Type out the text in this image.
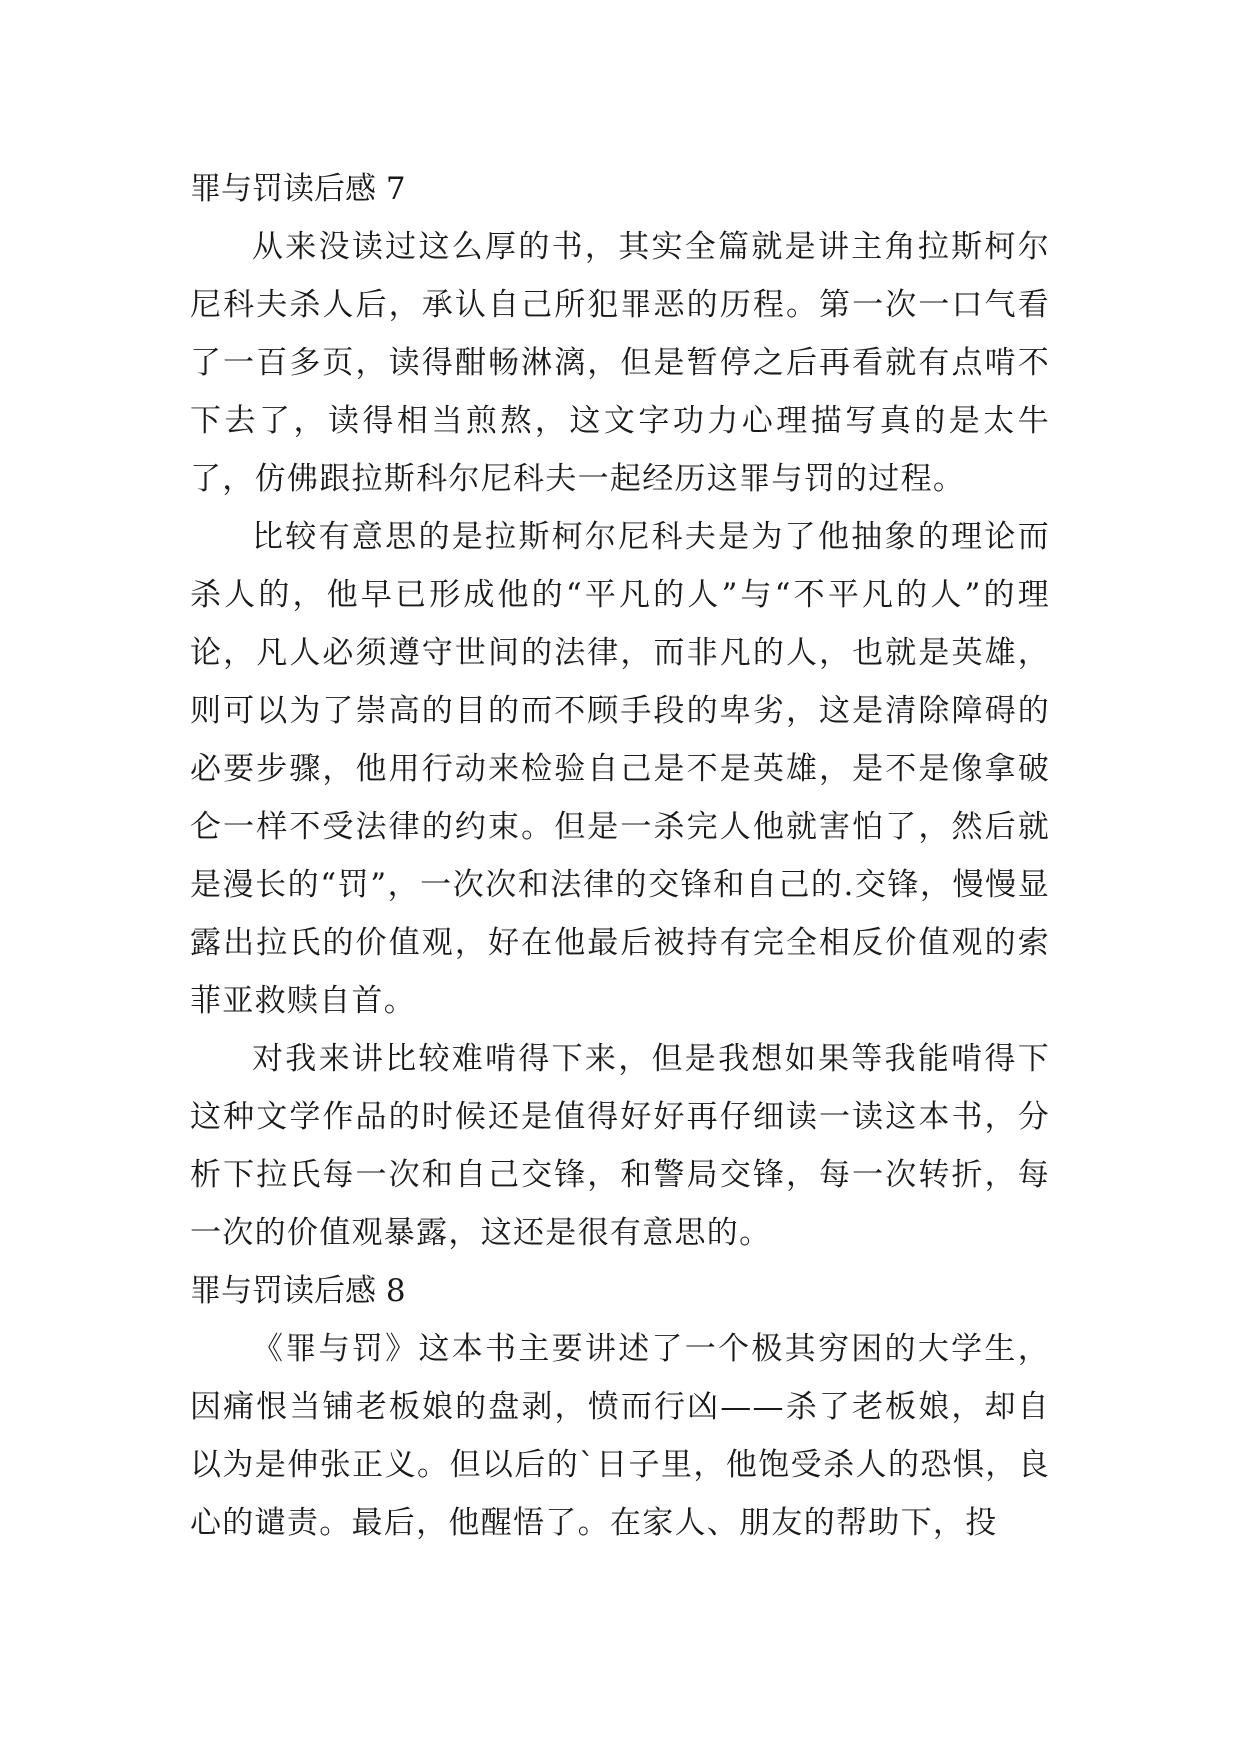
罪与罚读后感 7

从来没读过这么厚的书，其实全篇就是讲主角拉斯柯尔尼科夫杀人后，承认自己所犯罪恶的历程。第一次一口气看了一百多页，读得酣畅淋漓，但是暂停之后再看就有点啃不下去了，读得相当煎熬，这文字功力心理描写真的是太牛了，仿佛跟拉斯科尔尼科夫一起经历这罪与罚的过程。

比较有意思的是拉斯柯尔尼科夫是为了他抽象的理论而杀人的，他早已形成他的“平凡的人”与“不平凡的人”的理论，凡人必须遵守世间的法律，而非凡的人，也就是英雄，则可以为了崇高的目的而不顾手段的卑劣，这是清除障碍的必要步骤，他用行动来检验自己是不是英雄，是不是像拿破仑一样不受法律的约束。但是一杀完人他就害怕了，然后就是漫长的“罚”，一次次和法律的交锋和自己的.交锋，慢慢显露出拉氏的价值观，好在他最后被持有完全相反价值观的索菲亚救赎自首。

对我来讲比较难啃得下来，但是我想如果等我能啃得下这种文学作品的时候还是值得好好再仔细读一读这本书，分析下拉氏每一次和自己交锋，和警局交锋，每一次转折，每一次的价值观暴露，这还是很有意思的。

罪与罚读后感 8

《罪与罚》这本书主要讲述了一个极其穷困的大学生，因痛恨当铺老板娘的盘剥，愤而行凶——杀了老板娘，却自以为是伸张正义。但以后的`日子里，他饱受杀人的恐惧，良心的谴责。最后，他醒悟了。在家人、朋友的帮助下，投
